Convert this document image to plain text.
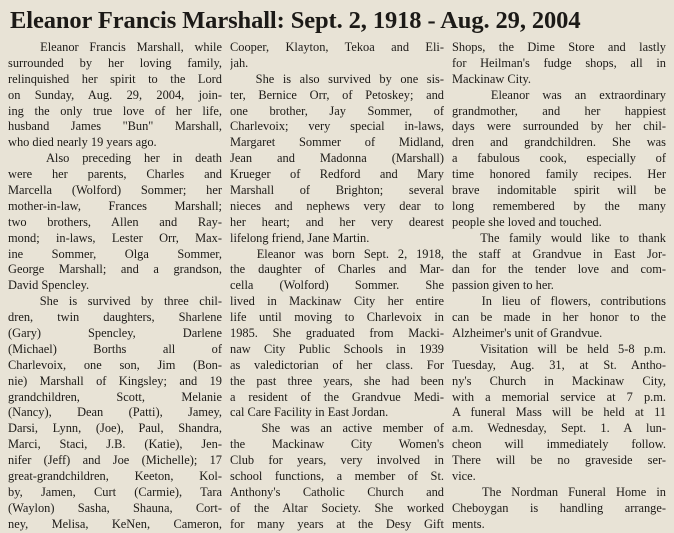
Eleanor Francis Marshall: Sept. 2, 1918 - Aug. 29, 2004
Eleanor Francis Marshall, while
surrounded by her loving family,
relinquished her spirit to the Lord
on Sunday, Aug. 29, 2004, join-
ing the only true love of her life,
husband James "Bun" Marshall,
who died nearly 19 years ago.
Also preceding her in death
were her parents, Charles and
Marcella (Wolford) Sommer; her
mother-in-law, Frances Marshall;
two brothers, Allen and Ray-
mond; in-laws, Lester Orr, Max-
ine Sommer, Olga Sommer,
George Marshall; and a grandson,
David Spencley.
She is survived by three chil-
dren, twin daughters, Sharlene
(Gary)    Spencley,    Darlene
(Michael)    Borths    all    of
Charlevoix, one son, Jim (Bon-
nie) Marshall of Kingsley; and 19
grandchildren, Scott, Melanie
(Nancy), Dean (Patti), Jamey,
Darsi, Lynn, (Joe), Paul, Shandra,
Marci, Staci, J.B. (Katie), Jen-
nifer (Jeff) and Joe (Michelle); 17
great-grandchildren, Keeton, Kol-
by, Jamen, Curt (Carmie), Tara
(Waylon) Sasha, Shauna, Cort-
ney, Melisa, KeNen, Cameron,
Cooper, Klayton, Tekoa and Eli-
jah.
She is also survived by one sis-
ter, Bernice Orr, of Petoskey; and
one brother, Jay Sommer, of
Charlevoix; very special in-laws,
Margaret Sommer of Midland,
Jean and Madonna (Marshall)
Krueger of Redford and Mary
Marshall of Brighton; several
nieces and nephews very dear to
her heart; and her very dearest
lifelong friend, Jane Martin.
Eleanor was born Sept. 2, 1918,
the daughter of Charles and Mar-
cella (Wolford) Sommer. She
lived in Mackinaw City her entire
life until moving to Charlevoix in
1985. She graduated from Macki-
naw City Public Schools in 1939
as valedictorian of her class. For
the past three years, she had been
a resident of the Grandvue Medi-
cal Care Facility in East Jordan.
She was an active member of
the Mackinaw City Women's
Club for years, very involved in
school functions, a member of St.
Anthony's Catholic Church and
of the Altar Society. She worked
for many years at the Desy Gift
Shops, the Dime Store and lastly
for Heilman's fudge shops, all in
Mackinaw City.
Eleanor was an extraordinary
grandmother, and her happiest
days were surrounded by her chil-
dren and grandchildren. She was
a fabulous cook, especially of
time honored family recipes. Her
brave indomitable spirit will be
long remembered by the many
people she loved and touched.
The family would like to thank
the staff at Grandvue in East Jor-
dan for the tender love and com-
passion given to her.
In lieu of flowers, contributions
can be made in her honor to the
Alzheimer's unit of Grandvue.
Visitation will be held 5-8 p.m.
Tuesday, Aug. 31, at St. Antho-
ny's Church in Mackinaw City,
with a memorial service at 7 p.m.
A funeral Mass will be held at 11
a.m. Wednesday, Sept. 1. A lun-
cheon will immediately follow.
There will be no graveside ser-
vice.
The Nordman Funeral Home in
Cheboygan is handling arrange-
ments.
